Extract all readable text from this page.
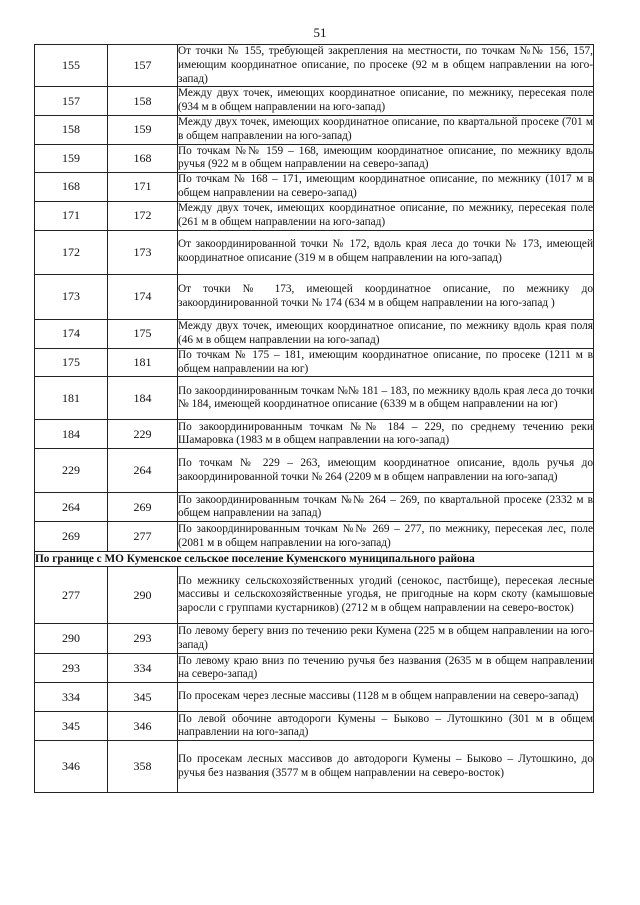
51
155	157	От точки № 155, требующей закрепления на местности, по точкам №№ 156, 157, имеющим координатное описание, по просеке (92 м в общем направлении на юго-запад)
157	158	Между двух точек, имеющих координатное описание, по межнику, пересекая поле (934 м в общем направлении на юго-запад)
158	159	Между двух точек, имеющих координатное описание, по квартальной просеке (701 м в общем направлении на юго-запад)
159	168	По точкам №№ 159 – 168, имеющим координатное описание, по межнику вдоль ручья (922 м в общем направлении на северо-запад)
168	171	По точкам № 168 – 171, имеющим координатное описание, по межнику (1017 м в общем направлении на северо-запад)
171	172	Между двух точек, имеющих координатное описание, по межнику, пересекая поле (261 м в общем направлении на юго-запад)
172	173	От закоординированной точки № 172, вдоль края леса до точки № 173, имеющей координатное описание (319 м в общем направлении на юго-запад)
173	174	От точки № 173, имеющей координатное описание, по межнику до закоординированной точки № 174 (634 м в общем направлении на юго-запад )
174	175	Между двух точек, имеющих координатное описание, по межнику вдоль края поля (46 м в общем направлении на юго-запад)
175	181	По точкам № 175 – 181, имеющим координатное описание, по просеке (1211 м в общем направлении на юг)
181	184	По закоординированным точкам №№ 181 – 183, по межнику вдоль края леса до точки № 184, имеющей координатное описание (6339 м в общем направлении на юг)
184	229	По закоординированным точкам №№ 184 – 229, по среднему течению реки Шамаровка (1983 м в общем направлении на юго-запад)
229	264	По точкам № 229 – 263, имеющим координатное описание, вдоль ручья до закоординированной точки № 264 (2209 м в общем направлении на юго-запад)
264	269	По закоординированным точкам №№ 264 – 269, по квартальной просеке (2332 м в общем направлении на запад)
269	277	По закоординированным точкам №№ 269 – 277, по межнику, пересекая лес, поле (2081 м в общем направлении на юго-запад)
По границе с МО Куменское сельское поселение Куменского муниципального района		
277	290	По межнику сельскохозяйственных угодий (сенокос, пастбище), пересекая лесные массивы и сельскохозяйственные угодья, не пригодные на корм скоту (камышовые заросли с группами кустарников) (2712 м в общем направлении на северо-восток)
290	293	По левому берегу вниз по течению реки Кумена (225 м в общем направлении на юго-запад)
293	334	По левому краю вниз по течению ручья без названия (2635 м в общем направлении на северо-запад)
334	345	По просекам через лесные массивы (1128 м в общем направлении на северо-запад)
345	346	По левой обочине автодороги Кумены – Быково – Лутошкино (301 м в общем направлении на юго-запад)
346	358	По просекам лесных массивов до автодороги Кумены – Быково – Лутошкино, до ручья без названия (3577 м в общем направлении на северо-восток)
